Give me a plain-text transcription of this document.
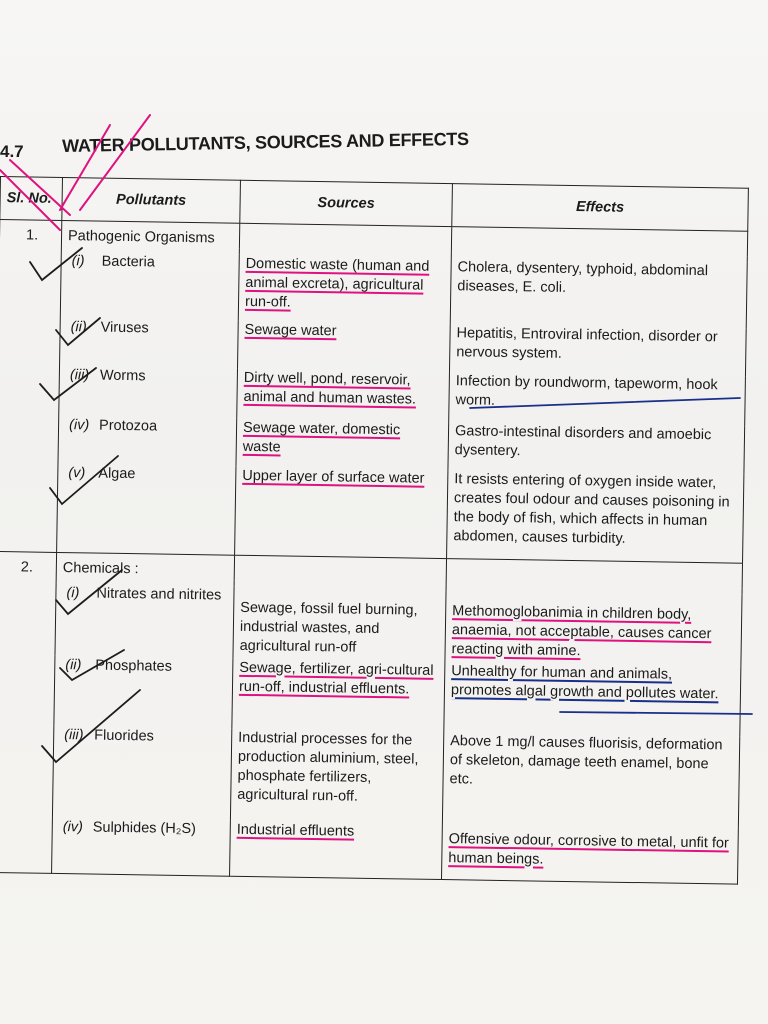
4.7 WATER POLLUTANTS, SOURCES AND EFFECTS
Sl. No.	Pollutants	Sources	Effects
1.	Pathogenic Organisms		

	(i) Bacteria	Domestic waste (human and animal excreta), agricultural run-off.	Cholera, dysentery, typhoid, abdominal diseases, E. coli.

	(ii) Viruses	Sewage water	Hepatitis, Entroviral infection, disorder or nervous system.

	(iii) Worms	Dirty well, pond, reservoir, animal and human wastes.	Infection by roundworm, tapeworm, hook worm.

	(iv) Protozoa	Sewage water, domestic waste	Gastro-intestinal disorders and amoebic dysentery.

	(v) Algae	Upper layer of surface water	It resists entering of oxygen inside water, creates foul odour and causes poisoning in the body of fish, which affects in human abdomen, causes turbidity.
2.	Chemicals :		

	(i) Nitrates and nitrites	Sewage, fossil fuel burning, industrial wastes, and agricultural run-off	Methomoglobanimia in children body, anaemia, not acceptable, causes cancer reacting with amine.

	(ii) Phosphates	Sewage, fertilizer, agri-cultural run-off, industrial effluents.	Unhealthy for human and animals, promotes algal growth and pollutes water.

	(iii) Fluorides	Industrial processes for the production aluminium, steel, phosphate fertilizers, agricultural run-off.	Above 1 mg/l causes fluorisis, deformation of skeleton, damage teeth enamel, bone etc.

	(iv) Sulphides (H₂S)	Industrial effluents	Offensive odour, corrosive to metal, unfit for human beings.
